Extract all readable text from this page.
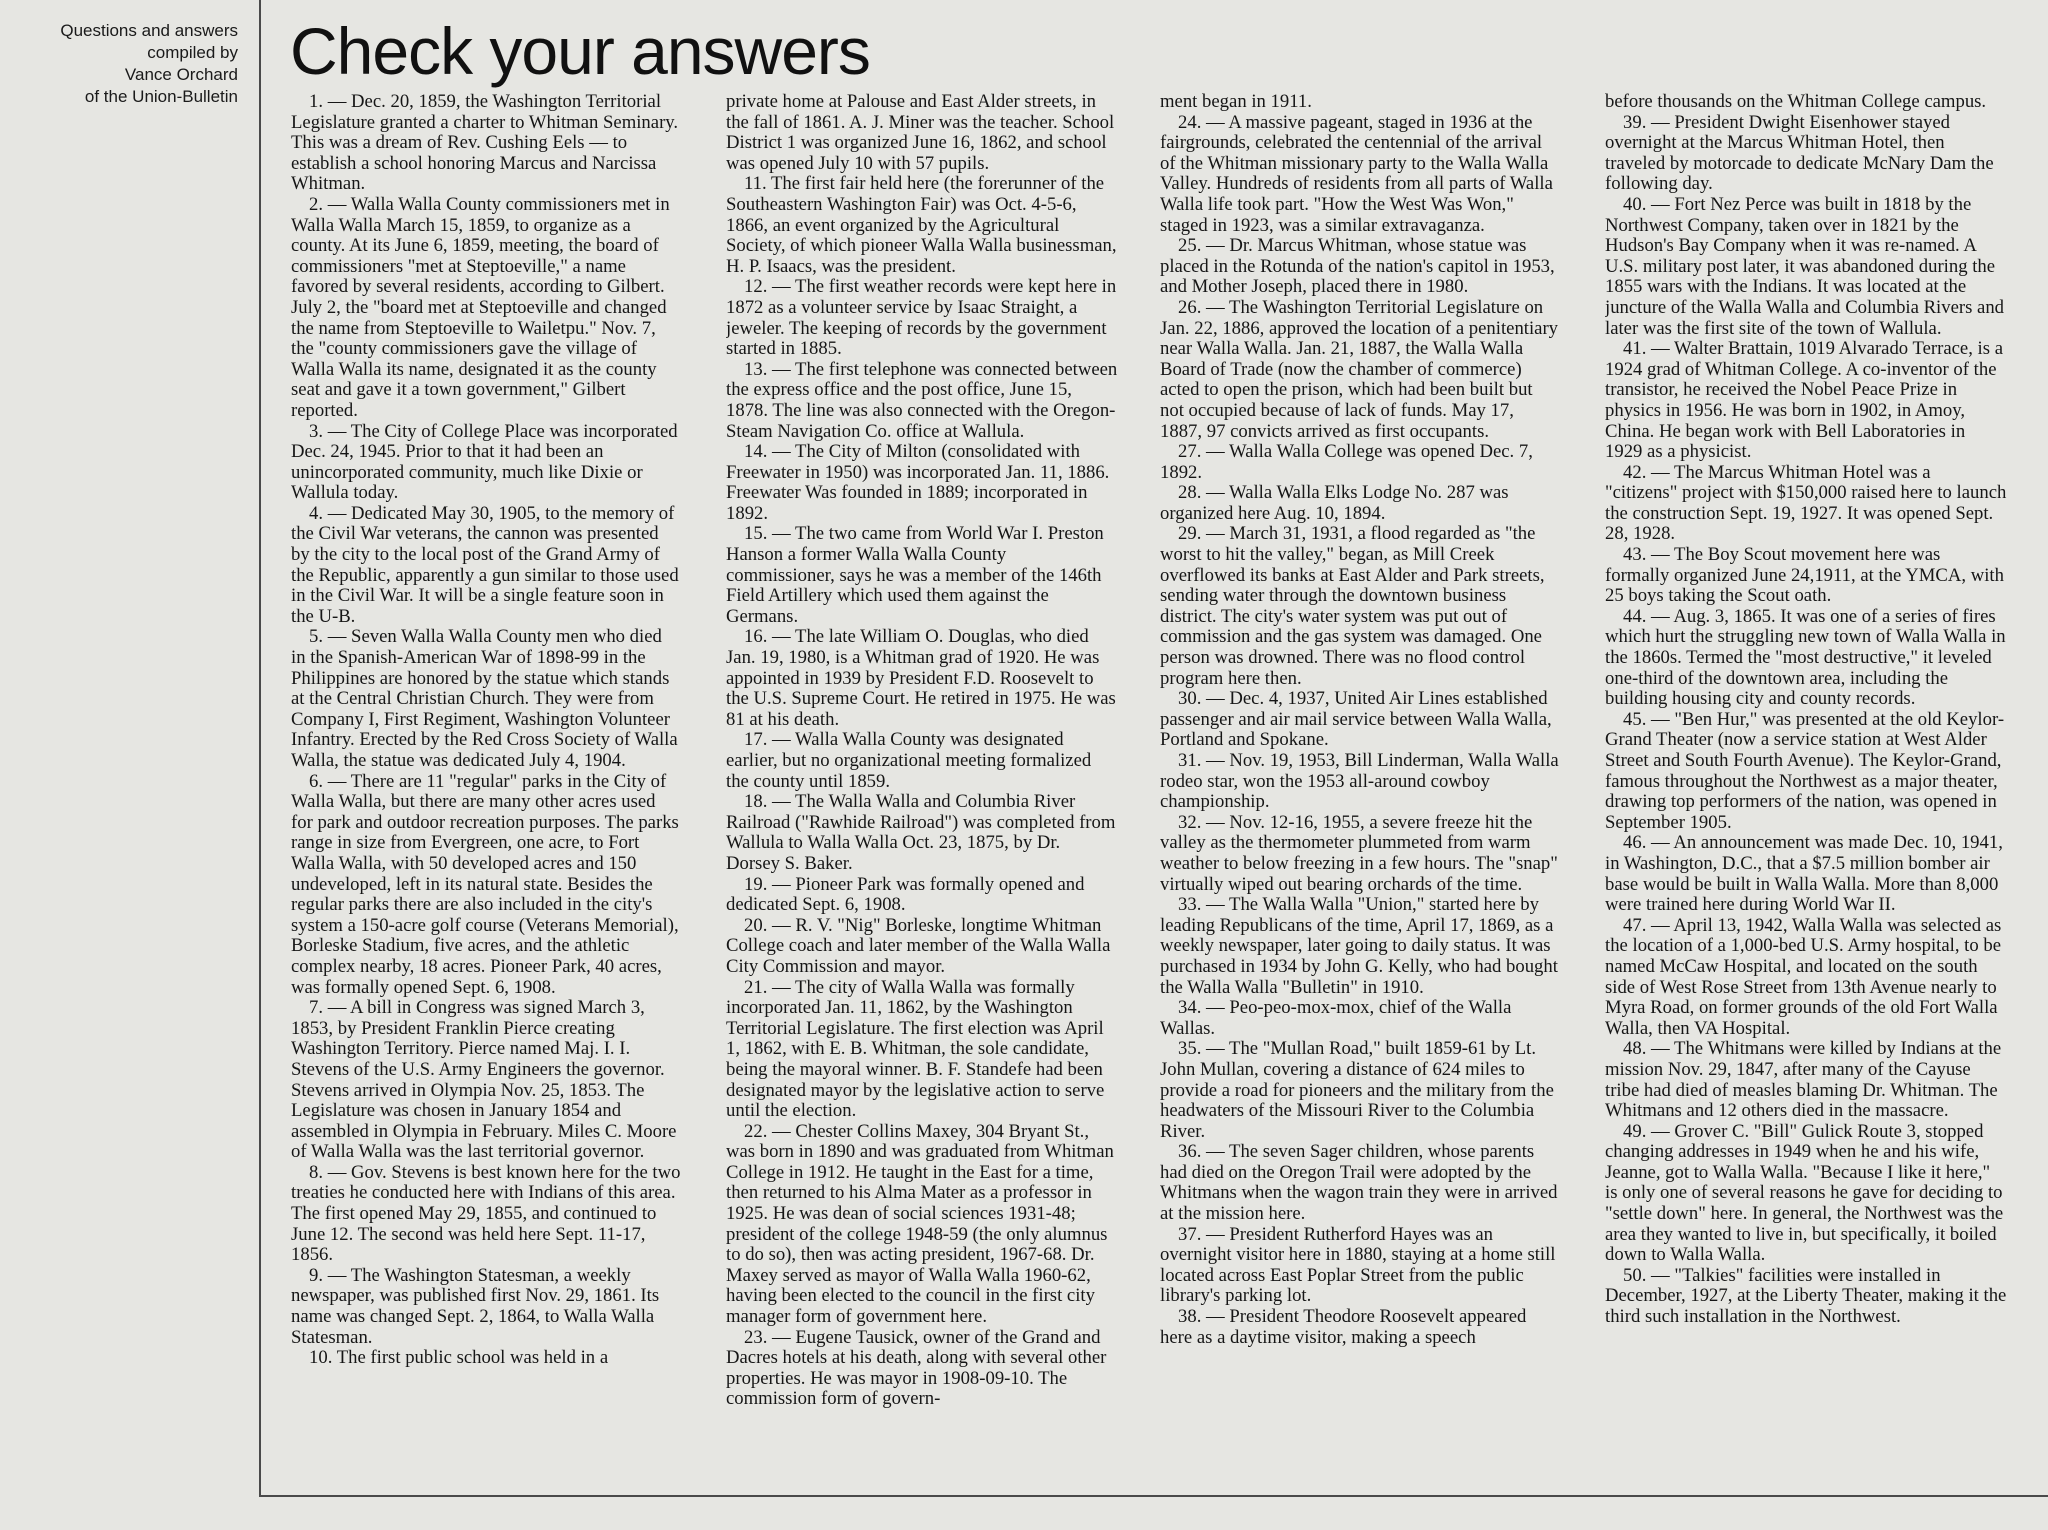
Questions and answers
compiled by
Vance Orchard
of the Union-Bulletin
Check your answers

1. — Dec. 20, 1859, the Washington Territorial Legislature granted a charter to Whitman Seminary. This was a dream of Rev. Cushing Eels — to establish a school honoring Marcus and Narcissa Whitman.

2. — Walla Walla County commissioners met in Walla Walla March 15, 1859, to organize as a county. At its June 6, 1859, meeting, the board of commissioners "met at Steptoeville," a name favored by several residents, according to Gilbert. July 2, the "board met at Steptoeville and changed the name from Steptoeville to Wailetpu." Nov. 7, the "county commissioners gave the village of Walla Walla its name, designated it as the county seat and gave it a town government," Gilbert reported.

3. — The City of College Place was incorporated Dec. 24, 1945. Prior to that it had been an unincorporated community, much like Dixie or Wallula today.

4. — Dedicated May 30, 1905, to the memory of the Civil War veterans, the cannon was presented by the city to the local post of the Grand Army of the Republic, apparently a gun similar to those used in the Civil War. It will be a single feature soon in the U-B.

5. — Seven Walla Walla County men who died in the Spanish-American War of 1898-99 in the Philippines are honored by the statue which stands at the Central Christian Church. They were from Company I, First Regiment, Washington Volunteer Infantry. Erected by the Red Cross Society of Walla Walla, the statue was dedicated July 4, 1904.

6. — There are 11 "regular" parks in the City of Walla Walla, but there are many other acres used for park and outdoor recreation purposes. The parks range in size from Evergreen, one acre, to Fort Walla Walla, with 50 developed acres and 150 undeveloped, left in its natural state. Besides the regular parks there are also included in the city's system a 150-acre golf course (Veterans Memorial), Borleske Stadium, five acres, and the athletic complex nearby, 18 acres. Pioneer Park, 40 acres, was formally opened Sept. 6, 1908.

7. — A bill in Congress was signed March 3, 1853, by President Franklin Pierce creating Washington Territory. Pierce named Maj. I. I. Stevens of the U.S. Army Engineers the governor. Stevens arrived in Olympia Nov. 25, 1853. The Legislature was chosen in January 1854 and assembled in Olympia in February. Miles C. Moore of Walla Walla was the last territorial governor.

8. — Gov. Stevens is best known here for the two treaties he conducted here with Indians of this area. The first opened May 29, 1855, and continued to June 12. The second was held here Sept. 11-17, 1856.

9. — The Washington Statesman, a weekly newspaper, was published first Nov. 29, 1861. Its name was changed Sept. 2, 1864, to Walla Walla Statesman.

10. The first public school was held in a

private home at Palouse and East Alder streets, in the fall of 1861. A. J. Miner was the teacher. School District 1 was organized June 16, 1862, and school was opened July 10 with 57 pupils.

11. The first fair held here (the forerunner of the Southeastern Washington Fair) was Oct. 4-5-6, 1866, an event organized by the Agricultural Society, of which pioneer Walla Walla businessman, H. P. Isaacs, was the president.

12. — The first weather records were kept here in 1872 as a volunteer service by Isaac Straight, a jeweler. The keeping of records by the government started in 1885.

13. — The first telephone was connected between the express office and the post office, June 15, 1878. The line was also connected with the Oregon-Steam Navigation Co. office at Wallula.

14. — The City of Milton (consolidated with Freewater in 1950) was incorporated Jan. 11, 1886. Freewater Was founded in 1889; incorporated in 1892.

15. — The two came from World War I. Preston Hanson a former Walla Walla County commissioner, says he was a member of the 146th Field Artillery which used them against the Germans.

16. — The late William O. Douglas, who died Jan. 19, 1980, is a Whitman grad of 1920. He was appointed in 1939 by President F.D. Roosevelt to the U.S. Supreme Court. He retired in 1975. He was 81 at his death.

17. — Walla Walla County was designated earlier, but no organizational meeting formalized the county until 1859.

18. — The Walla Walla and Columbia River Railroad ("Rawhide Railroad") was completed from Wallula to Walla Walla Oct. 23, 1875, by Dr. Dorsey S. Baker.

19. — Pioneer Park was formally opened and dedicated Sept. 6, 1908.

20. — R. V. "Nig" Borleske, longtime Whitman College coach and later member of the Walla Walla City Commission and mayor.

21. — The city of Walla Walla was formally incorporated Jan. 11, 1862, by the Washington Territorial Legislature. The first election was April 1, 1862, with E. B. Whitman, the sole candidate, being the mayoral winner. B. F. Standefe had been designated mayor by the legislative action to serve until the election.

22. — Chester Collins Maxey, 304 Bryant St., was born in 1890 and was graduated from Whitman College in 1912. He taught in the East for a time, then returned to his Alma Mater as a professor in 1925. He was dean of social sciences 1931-48; president of the college 1948-59 (the only alumnus to do so), then was acting president, 1967-68. Dr. Maxey served as mayor of Walla Walla 1960-62, having been elected to the council in the first city manager form of government here.

23. — Eugene Tausick, owner of the Grand and Dacres hotels at his death, along with several other properties. He was mayor in 1908-09-10. The commission form of govern-

ment began in 1911.

24. — A massive pageant, staged in 1936 at the fairgrounds, celebrated the centennial of the arrival of the Whitman missionary party to the Walla Walla Valley. Hundreds of residents from all parts of Walla Walla life took part. "How the West Was Won," staged in 1923, was a similar extravaganza.

25. — Dr. Marcus Whitman, whose statue was placed in the Rotunda of the nation's capitol in 1953, and Mother Joseph, placed there in 1980.

26. — The Washington Territorial Legislature on Jan. 22, 1886, approved the location of a penitentiary near Walla Walla. Jan. 21, 1887, the Walla Walla Board of Trade (now the chamber of commerce) acted to open the prison, which had been built but not occupied because of lack of funds. May 17, 1887, 97 convicts arrived as first occupants.

27. — Walla Walla College was opened Dec. 7, 1892.

28. — Walla Walla Elks Lodge No. 287 was organized here Aug. 10, 1894.

29. — March 31, 1931, a flood regarded as "the worst to hit the valley," began, as Mill Creek overflowed its banks at East Alder and Park streets, sending water through the downtown business district. The city's water system was put out of commission and the gas system was damaged. One person was drowned. There was no flood control program here then.

30. — Dec. 4, 1937, United Air Lines established passenger and air mail service between Walla Walla, Portland and Spokane.

31. — Nov. 19, 1953, Bill Linderman, Walla Walla rodeo star, won the 1953 all-around cowboy championship.

32. — Nov. 12-16, 1955, a severe freeze hit the valley as the thermometer plummeted from warm weather to below freezing in a few hours. The "snap" virtually wiped out bearing orchards of the time.

33. — The Walla Walla "Union," started here by leading Republicans of the time, April 17, 1869, as a weekly newspaper, later going to daily status. It was purchased in 1934 by John G. Kelly, who had bought the Walla Walla "Bulletin" in 1910.

34. — Peo-peo-mox-mox, chief of the Walla Wallas.

35. — The "Mullan Road," built 1859-61 by Lt. John Mullan, covering a distance of 624 miles to provide a road for pioneers and the military from the headwaters of the Missouri River to the Columbia River.

36. — The seven Sager children, whose parents had died on the Oregon Trail were adopted by the Whitmans when the wagon train they were in arrived at the mission here.

37. — President Rutherford Hayes was an overnight visitor here in 1880, staying at a home still located across East Poplar Street from the public library's parking lot.

38. — President Theodore Roosevelt appeared here as a daytime visitor, making a speech

before thousands on the Whitman College campus.

39. — President Dwight Eisenhower stayed overnight at the Marcus Whitman Hotel, then traveled by motorcade to dedicate McNary Dam the following day.

40. — Fort Nez Perce was built in 1818 by the Northwest Company, taken over in 1821 by the Hudson's Bay Company when it was re-named. A U.S. military post later, it was abandoned during the 1855 wars with the Indians. It was located at the juncture of the Walla Walla and Columbia Rivers and later was the first site of the town of Wallula.

41. — Walter Brattain, 1019 Alvarado Terrace, is a 1924 grad of Whitman College. A co-inventor of the transistor, he received the Nobel Peace Prize in physics in 1956. He was born in 1902, in Amoy, China. He began work with Bell Laboratories in 1929 as a physicist.

42. — The Marcus Whitman Hotel was a "citizens" project with $150,000 raised here to launch the construction Sept. 19, 1927. It was opened Sept. 28, 1928.

43. — The Boy Scout movement here was formally organized June 24,1911, at the YMCA, with 25 boys taking the Scout oath.

44. — Aug. 3, 1865. It was one of a series of fires which hurt the struggling new town of Walla Walla in the 1860s. Termed the "most destructive," it leveled one-third of the downtown area, including the building housing city and county records.

45. — "Ben Hur," was presented at the old Keylor-Grand Theater (now a service station at West Alder Street and South Fourth Avenue). The Keylor-Grand, famous throughout the Northwest as a major theater, drawing top performers of the nation, was opened in September 1905.

46. — An announcement was made Dec. 10, 1941, in Washington, D.C., that a $7.5 million bomber air base would be built in Walla Walla. More than 8,000 were trained here during World War II.

47. — April 13, 1942, Walla Walla was selected as the location of a 1,000-bed U.S. Army hospital, to be named McCaw Hospital, and located on the south side of West Rose Street from 13th Avenue nearly to Myra Road, on former grounds of the old Fort Walla Walla, then VA Hospital.

48. — The Whitmans were killed by Indians at the mission Nov. 29, 1847, after many of the Cayuse tribe had died of measles blaming Dr. Whitman. The Whitmans and 12 others died in the massacre.

49. — Grover C. "Bill" Gulick Route 3, stopped changing addresses in 1949 when he and his wife, Jeanne, got to Walla Walla. "Because I like it here," is only one of several reasons he gave for deciding to "settle down" here. In general, the Northwest was the area they wanted to live in, but specifically, it boiled down to Walla Walla.

50. — "Talkies" facilities were installed in December, 1927, at the Liberty Theater, making it the third such installation in the Northwest.
